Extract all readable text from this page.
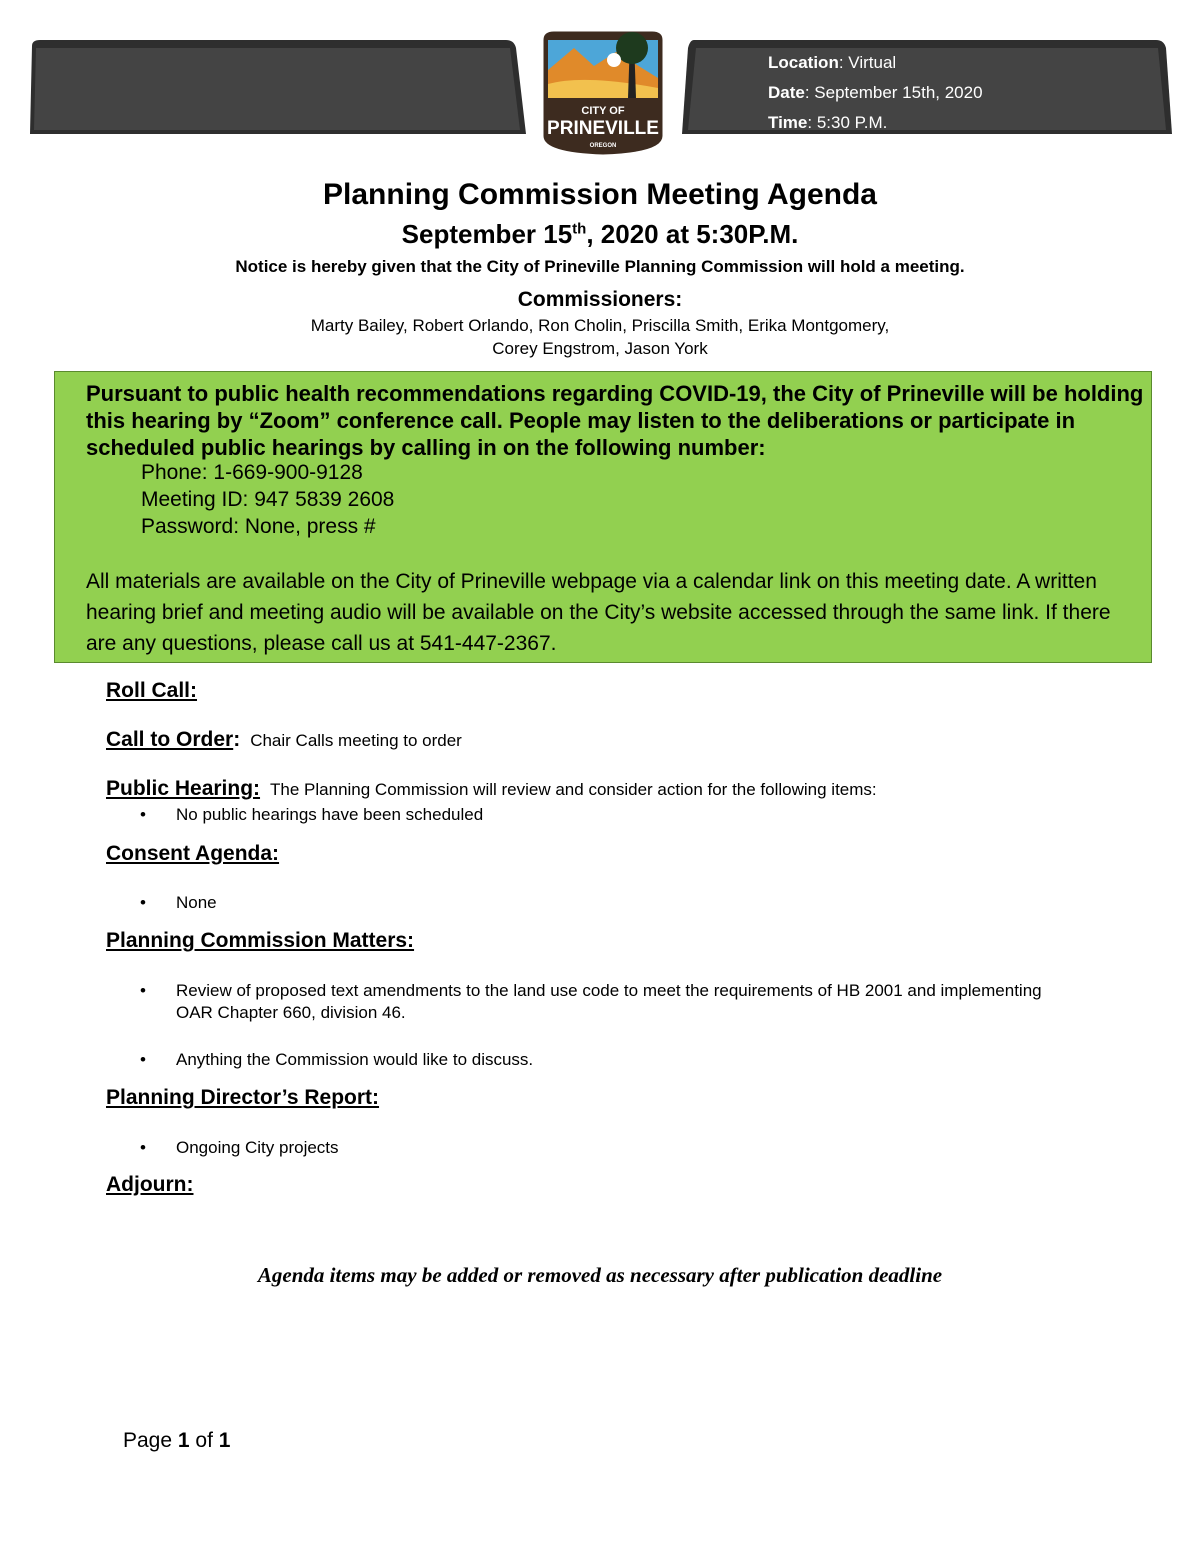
Location: Virtual
Date: September 15th, 2020
Time: 5:30 P.M.
CITY OF
PRINEVILLE
OREGON
Planning Commission Meeting Agenda
September 15th, 2020 at 5:30P.M.
Notice is hereby given that the City of Prineville Planning Commission will hold a meeting.
Commissioners:
Marty Bailey, Robert Orlando, Ron Cholin, Priscilla Smith, Erika Montgomery,
Corey Engstrom, Jason York
Pursuant to public health recommendations regarding COVID-19, the City of Prineville will be holding this hearing by “Zoom” conference call. People may listen to the deliberations or participate in scheduled public hearings by calling in on the following number:
Phone: 1-669-900-9128
Meeting ID: 947 5839 2608
Password: None, press #
All materials are available on the City of Prineville webpage via a calendar link on this meeting date. A written hearing brief and meeting audio will be available on the City’s website accessed through the same link. If there are any questions, please call us at 541-447-2367.
Roll Call:
Call to Order: Chair Calls meeting to order
Public Hearing: The Planning Commission will review and consider action for the following items:
• No public hearings have been scheduled
Consent Agenda:
• None
Planning Commission Matters:
• Review of proposed text amendments to the land use code to meet the requirements of HB 2001 and implementing OAR Chapter 660, division 46.
• Anything the Commission would like to discuss.
Planning Director’s Report:
• Ongoing City projects
Adjourn:
Agenda items may be added or removed as necessary after publication deadline
Page 1 of 1
